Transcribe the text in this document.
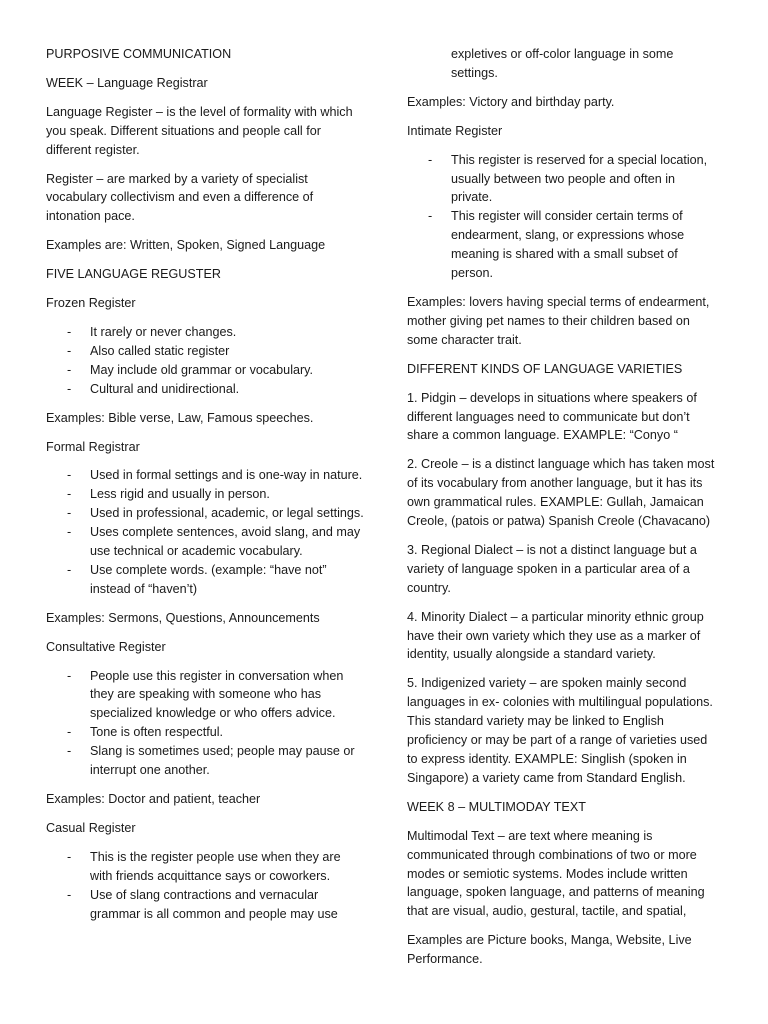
PURPOSIVE COMMUNICATION

WEEK – Language Registrar

Language Register – is the level of formality with which you speak. Different situations and people call for different register.

Register – are marked by a variety of specialist vocabulary collectivism and even a difference of intonation pace.

Examples are: Written, Spoken, Signed Language

FIVE LANGUAGE REGUSTER

Frozen Register

- It rarely or never changes.
- Also called static register
- May include old grammar or vocabulary.
- Cultural and unidirectional.

Examples: Bible verse, Law, Famous speeches.

Formal Registrar

- Used in formal settings and is one-way in nature.
- Less rigid and usually in person.
- Used in professional, academic, or legal settings.
- Uses complete sentences, avoid slang, and may use technical or academic vocabulary.
- Use complete words. (example: “have not” instead of “haven’t)

Examples: Sermons, Questions, Announcements

Consultative Register

- People use this register in conversation when they are speaking with someone who has specialized knowledge or who offers advice.
- Tone is often respectful.
- Slang is sometimes used; people may pause or interrupt one another.

Examples: Doctor and patient, teacher

Casual Register

- This is the register people use when they are with friends acquittance says or coworkers.
- Use of slang contractions and vernacular grammar is all common and people may use
expletives or off-color language in some settings.

Examples: Victory and birthday party.

Intimate Register

- This register is reserved for a special location, usually between two people and often in private.
- This register will consider certain terms of endearment, slang, or expressions whose meaning is shared with a small subset of person.

Examples: lovers having special terms of endearment, mother giving pet names to their children based on some character trait.

DIFFERENT KINDS OF LANGUAGE VARIETIES

1. Pidgin – develops in situations where speakers of different languages need to communicate but don’t share a common language. EXAMPLE: “Conyo “

2. Creole – is a distinct language which has taken most of its vocabulary from another language, but it has its own grammatical rules. EXAMPLE: Gullah, Jamaican Creole, (patois or patwa) Spanish Creole (Chavacano)

3. Regional Dialect – is not a distinct language but a variety of language spoken in a particular area of a country.

4. Minority Dialect – a particular minority ethnic group have their own variety which they use as a marker of identity, usually alongside a standard variety.

5. Indigenized variety – are spoken mainly second languages in ex- colonies with multilingual populations. This standard variety may be linked to English proficiency or may be part of a range of varieties used to express identity. EXAMPLE: Singlish (spoken in Singapore) a variety came from Standard English.

WEEK 8 – MULTIMODAY TEXT

Multimodal Text – are text where meaning is communicated through combinations of two or more modes or semiotic systems. Modes include written language, spoken language, and patterns of meaning that are visual, audio, gestural, tactile, and spatial,

Examples are Picture books, Manga, Website, Live Performance.
